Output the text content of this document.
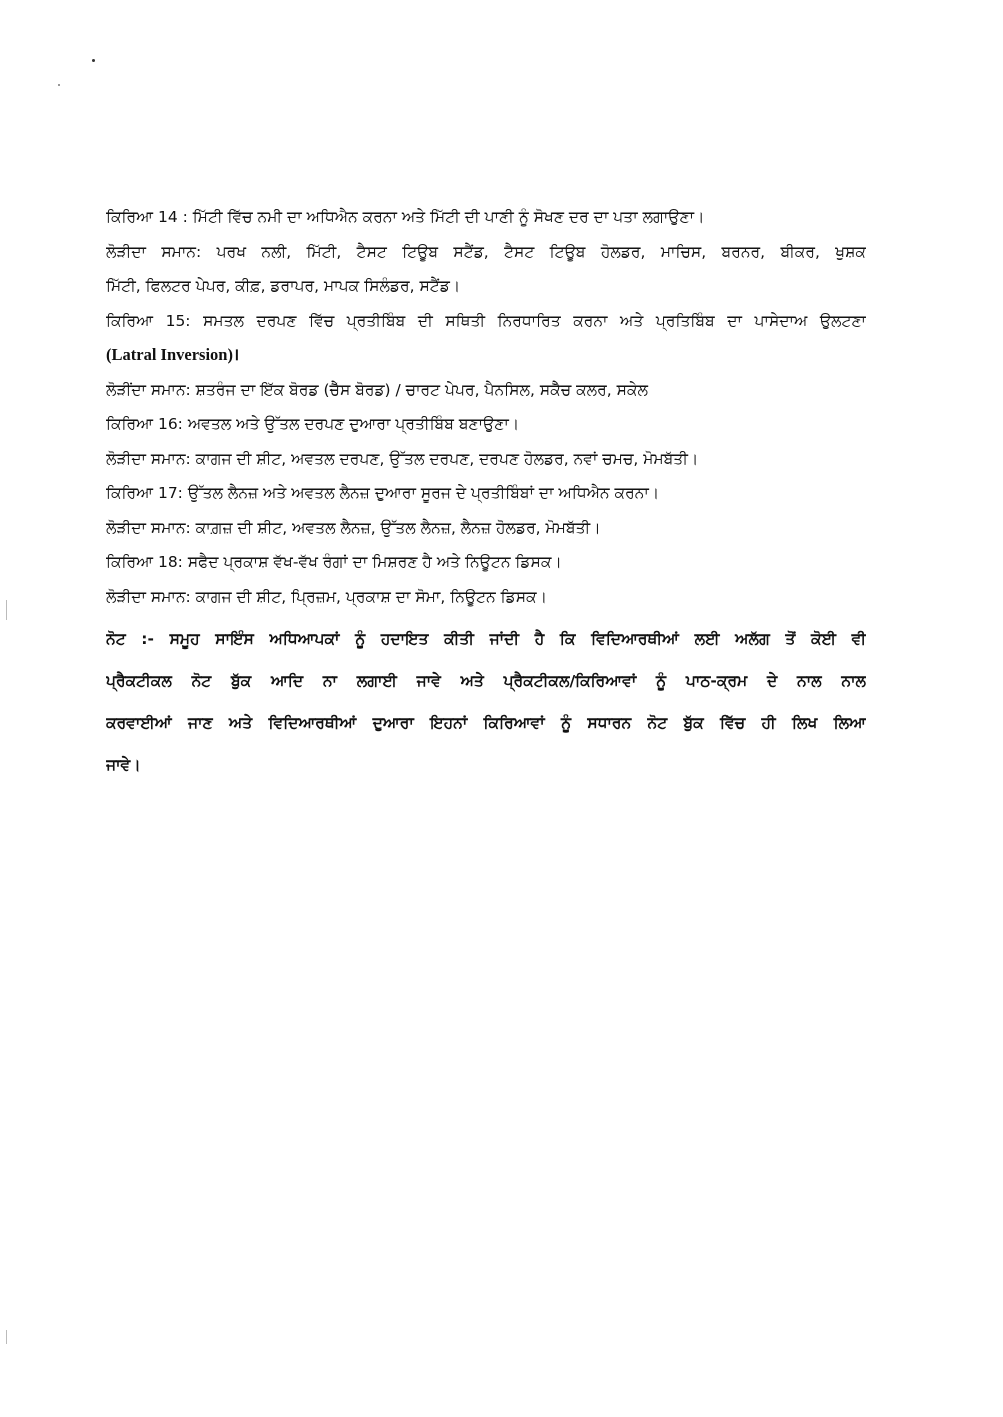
ਕਿਰਿਆ 14 : ਮਿੱਟੀ ਵਿੱਚ ਨਮੀ ਦਾ ਅਧਿਐਨ ਕਰਨਾ ਅਤੇ ਮਿੱਟੀ ਦੀ ਪਾਣੀ ਨੂੰ ਸੋਖਣ ਦਰ ਦਾ ਪਤਾ ਲਗਾਉਣਾ।
ਲੋੜੀਦਾ ਸਮਾਨ: ਪਰਖ ਨਲੀ, ਮਿੱਟੀ, ਟੈਸਟ ਟਿਊਬ ਸਟੈਂਡ, ਟੈਸਟ ਟਿਊਬ ਹੋਲਡਰ, ਮਾਚਿਸ, ਬਰਨਰ, ਬੀਕਰ, ਖੁਸ਼ਕ
ਮਿੱਟੀ, ਫਿਲਟਰ ਪੇਪਰ, ਕੀਫ਼, ਡਰਾਪਰ, ਮਾਪਕ ਸਿਲੰਡਰ, ਸਟੈਂਡ।
ਕਿਰਿਆ 15: ਸਮਤਲ ਦਰਪਣ ਵਿੱਚ ਪ੍ਰਤੀਬਿੰਬ ਦੀ ਸਥਿਤੀ ਨਿਰਧਾਰਿਤ ਕਰਨਾ ਅਤੇ ਪ੍ਰਤਿਬਿੰਬ ਦਾ ਪਾਸੇਦਾਅ ਉਲਟਣਾ
(Latral Inversion)।
ਲੋੜੀਂਦਾ ਸਮਾਨ: ਸ਼ਤਰੰਜ ਦਾ ਇੱਕ ਬੋਰਡ (ਚੈੱਸ ਬੋਰਡ) / ਚਾਰਟ ਪੇਪਰ, ਪੈਨਸਿਲ, ਸਕੈੱਚ ਕਲਰ, ਸਕੇਲ
ਕਿਰਿਆ 16: ਅਵਤਲ ਅਤੇ ਉੱਤਲ ਦਰਪਣ ਦੁਆਰਾ ਪ੍ਰਤੀਬਿੰਬ ਬਣਾਉਣਾ।
ਲੋੜੀਦਾ ਸਮਾਨ: ਕਾਗਜ ਦੀ ਸ਼ੀਟ, ਅਵਤਲ ਦਰਪਣ, ਉੱਤਲ ਦਰਪਣ, ਦਰਪਣ ਹੋਲਡਰ, ਨਵਾਂ ਚਮਚ, ਮੋਮਬੱਤੀ।
ਕਿਰਿਆ 17: ਉੱਤਲ ਲੈਨਜ਼ ਅਤੇ ਅਵਤਲ ਲੈਨਜ਼ ਦੁਆਰਾ ਸੂਰਜ ਦੇ ਪ੍ਰਤੀਬਿੰਬਾਂ ਦਾ ਅਧਿਐਨ ਕਰਨਾ।
ਲੋੜੀਦਾ ਸਮਾਨ: ਕਾਗ਼ਜ਼ ਦੀ ਸ਼ੀਟ, ਅਵਤਲ ਲੈਨਜ਼, ਉੱਤਲ ਲੈਨਜ਼, ਲੈਨਜ਼ ਹੋਲਡਰ, ਮੋਮਬੱਤੀ।
ਕਿਰਿਆ 18: ਸਫੈਦ ਪ੍ਰਕਾਸ਼ ਵੱਖ-ਵੱਖ ਰੰਗਾਂ ਦਾ ਮਿਸ਼ਰਣ ਹੈ ਅਤੇ ਨਿਊਟਨ ਡਿਸਕ।
ਲੋੜੀਦਾ ਸਮਾਨ: ਕਾਗਜ ਦੀ ਸ਼ੀਟ, ਪ੍ਰਿਜ਼ਮ, ਪ੍ਰਕਾਸ਼ ਦਾ ਸੋਮਾ, ਨਿਊਟਨ ਡਿਸਕ।
ਨੋਟ :- ਸਮੂਹ ਸਾਇੰਸ ਅਧਿਆਪਕਾਂ ਨੂੰ ਹਦਾਇਤ ਕੀਤੀ ਜਾਂਦੀ ਹੈ ਕਿ ਵਿਦਿਆਰਥੀਆਂ ਲਈ ਅਲੱਗ ਤੋਂ ਕੋਈ ਵੀ
ਪ੍ਰੈਕਟੀਕਲ ਨੋਟ ਬੁੱਕ ਆਦਿ ਨਾ ਲਗਾਈ ਜਾਵੇ ਅਤੇ ਪ੍ਰੈਕਟੀਕਲ/ਕਿਰਿਆਵਾਂ ਨੂੰ ਪਾਠ-ਕ੍ਰਮ ਦੇ ਨਾਲ ਨਾਲ
ਕਰਵਾਈਆਂ ਜਾਣ ਅਤੇ ਵਿਦਿਆਰਥੀਆਂ ਦੁਆਰਾ ਇਹਨਾਂ ਕਿਰਿਆਵਾਂ ਨੂੰ ਸਧਾਰਨ ਨੋਟ ਬੁੱਕ ਵਿੱਚ ਹੀ ਲਿਖ ਲਿਆ
ਜਾਵੇ।
